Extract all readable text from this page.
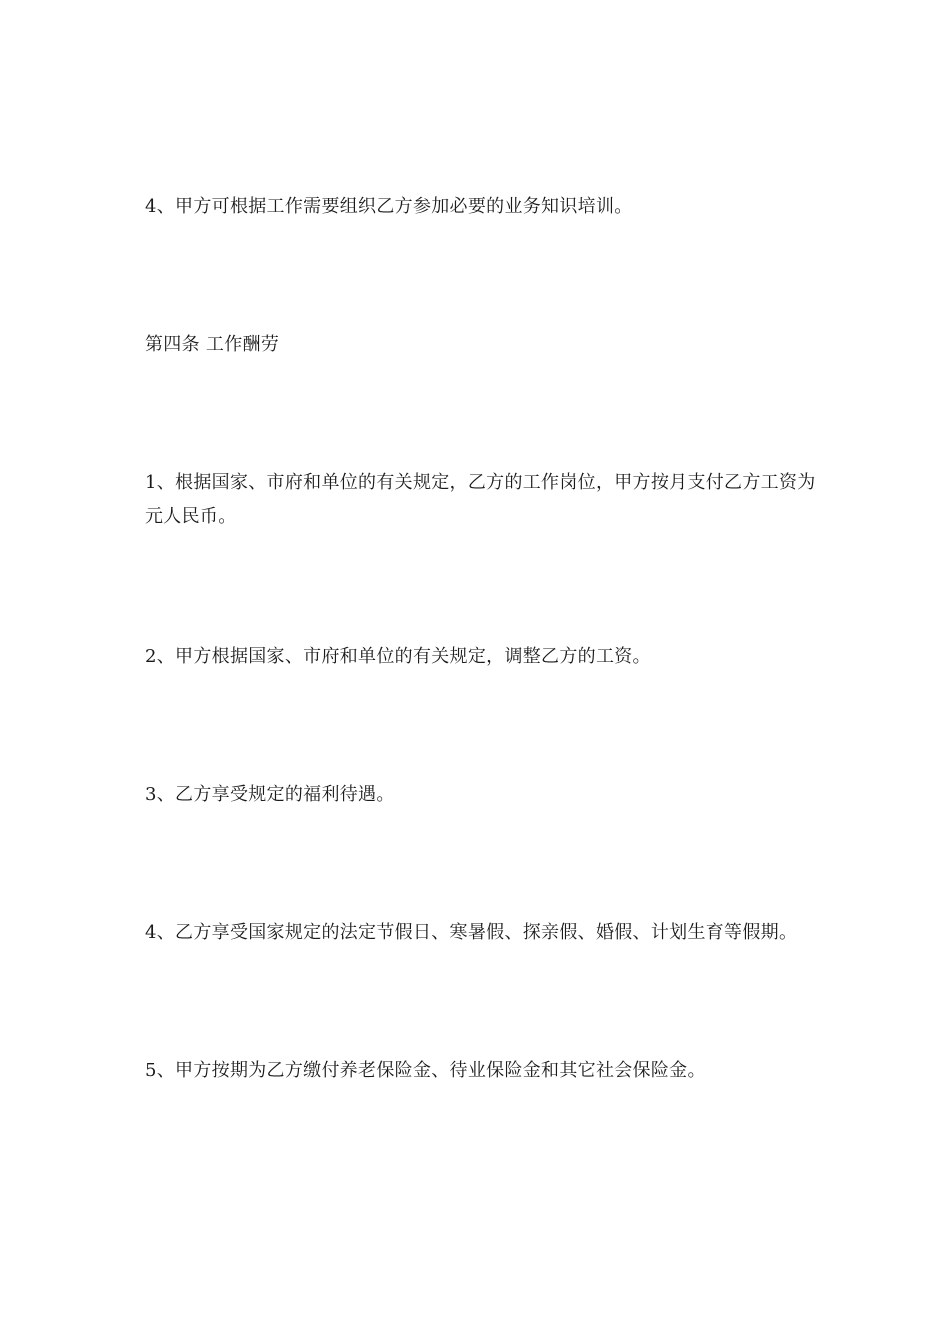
4、甲方可根据工作需要组织乙方参加必要的业务知识培训。

第四条 工作酬劳

1、根据国家、市府和单位的有关规定，乙方的工作岗位，甲方按月支付乙方工资为 元人民币。

2、甲方根据国家、市府和单位的有关规定，调整乙方的工资。

3、乙方享受规定的福利待遇。

4、乙方享受国家规定的法定节假日、寒暑假、探亲假、婚假、计划生育等假期。

5、甲方按期为乙方缴付养老保险金、待业保险金和其它社会保险金。
